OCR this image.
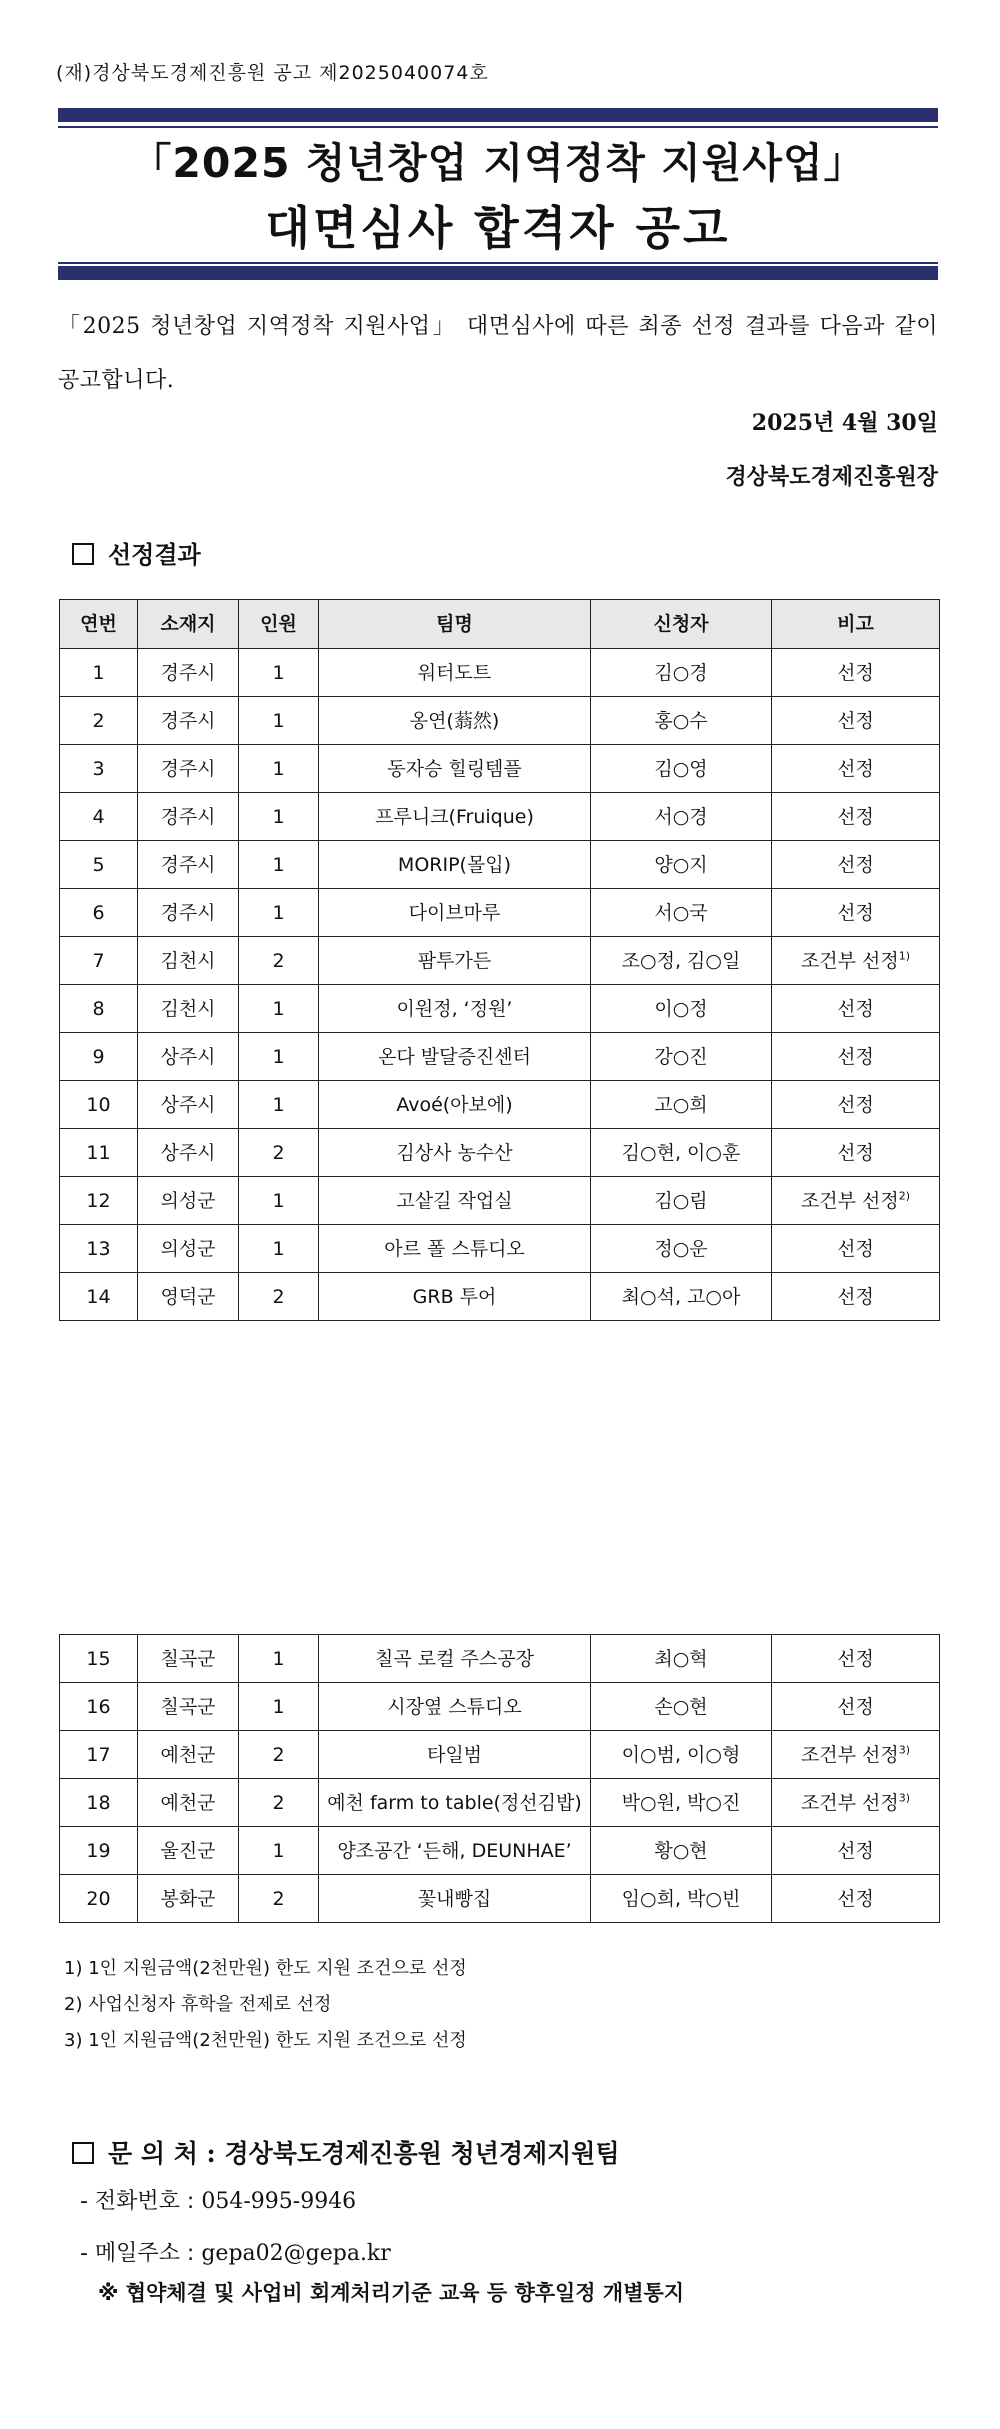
(재)경상북도경제진흥원 공고 제2025040074호
「2025 청년창업 지역정착 지원사업」
대면심사 합격자 공고
「2025 청년창업 지역정착 지원사업」 대면심사에 따른 최종 선정 결과를 다음과 같이 공고합니다.
2025년 4월 30일
경상북도경제진흥원장
선정결과
연번	소재지	인원	팀명	신청자	비고
1	경주시	1	워터도트	김○경	선정
2	경주시	1	옹연(蓊然)	홍○수	선정
3	경주시	1	동자승 힐링템플	김○영	선정
4	경주시	1	프루니크(Fruique)	서○경	선정
5	경주시	1	MORIP(몰입)	양○지	선정
6	경주시	1	다이브마루	서○국	선정
7	김천시	2	팜투가든	조○정, 김○일	조건부 선정$^{1)}$
8	김천시	1	이원정, ‘정원’	이○정	선정
9	상주시	1	온다 발달증진센터	강○진	선정
10	상주시	1	Avoé(아보에)	고○희	선정
11	상주시	2	김상사 농수산	김○현, 이○훈	선정
12	의성군	1	고샅길 작업실	김○림	조건부 선정$^{2)}$
13	의성군	1	아르 폴 스튜디오	정○운	선정
14	영덕군	2	GRB 투어	최○석, 고○아	선정
15	칠곡군	1	칠곡 로컬 주스공장	최○혁	선정
16	칠곡군	1	시장옆 스튜디오	손○현	선정
17	예천군	2	타일범	이○범, 이○형	조건부 선정$^{3)}$
18	예천군	2	예천 farm to table(정선김밥)	박○원, 박○진	조건부 선정$^{3)}$
19	울진군	1	양조공간 ‘든해, DEUNHAE’	황○현	선정
20	봉화군	2	꽃내빵집	임○희, 박○빈	선정
1) 1인 지원금액(2천만원) 한도 지원 조건으로 선정
2) 사업신청자 휴학을 전제로 선정
3) 1인 지원금액(2천만원) 한도 지원 조건으로 선정
문 의 처 : 경상북도경제진흥원 청년경제지원팀
- 전화번호 : 054-995-9946
- 메일주소 : gepa02@gepa.kr
※ 협약체결 및 사업비 회계처리기준 교육 등 향후일정 개별통지
